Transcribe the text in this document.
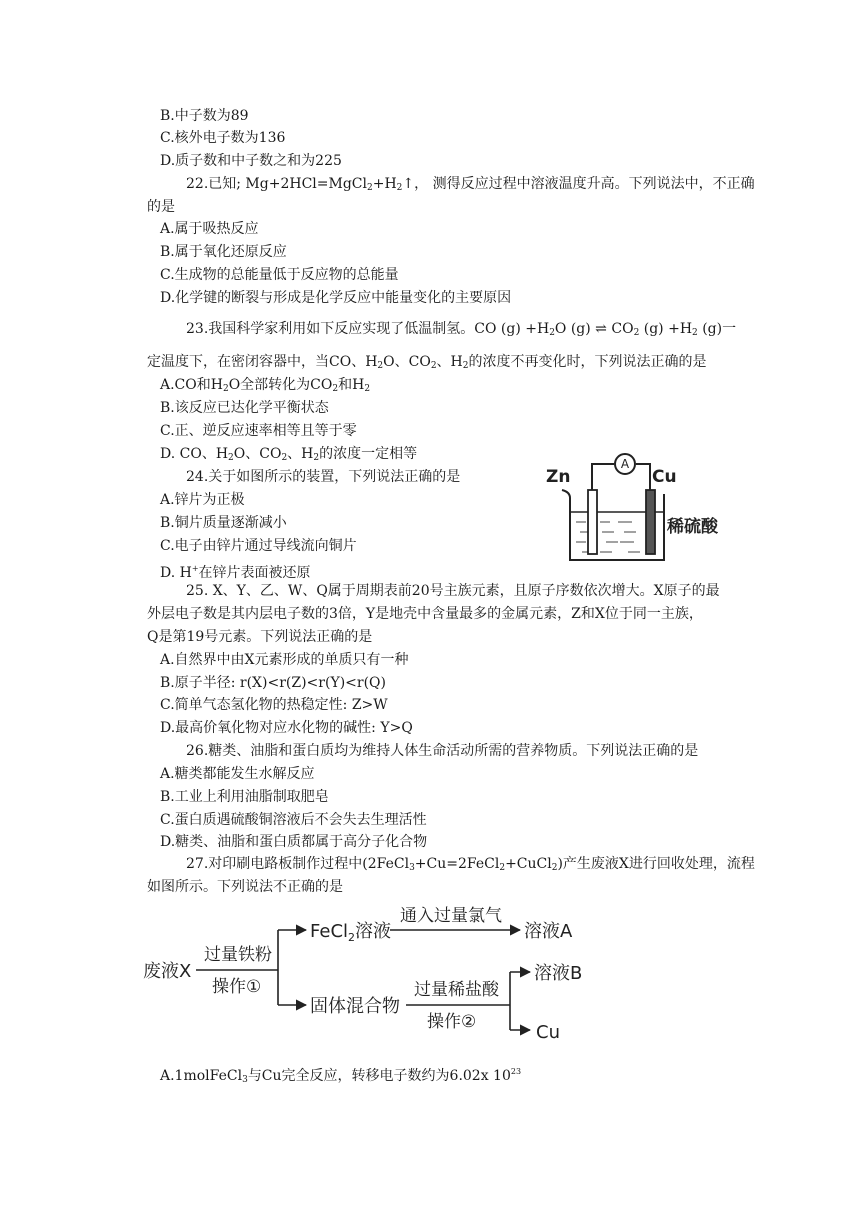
B.中子数为89
C.核外电子数为136
D.质子数和中子数之和为225
22.已知; $Mg+2HCl=MgCl_2+H_2↑$， 测得反应过程中溶液温度升高。下列说法中，不正确
的是
A.属于吸热反应
B.属于氧化还原反应
C.生成物的总能量低于反应物的总能量
D.化学键的断裂与形成是化学反应中能量变化的主要原因
23.我国科学家利用如下反应实现了低温制氢。CO $(g) +H_2O$ (g) ⇌ $CO_2$ $(g) +H_2$ (g)一
定温度下，在密闭容器中，当CO、$H_2O$、$CO_2$、$H_2$的浓度不再变化时，下列说法正确的是
A.CO和$H_2O$全部转化为$CO_2$和$H_2$
B.该反应已达化学平衡状态
C.正、逆反应速率相等且等于零
D. CO、$H_2O$、$CO_2$、$H_2$的浓度一定相等
24.关于如图所示的装置，下列说法正确的是
A.锌片为正极
B.铜片质量逐渐减小
C.电子由锌片通过导线流向铜片
D. H+在锌片表面被还原
25. X、Y、乙、W、Q属于周期表前20号主族元素，且原子序数依次增大。X原子的最
外层电子数是其内层电子数的3倍，Y是地壳中含量最多的金属元素，Z和X位于同一主族，
Q是第19号元素。下列说法正确的是
A.自然界中由X元素形成的单质只有一种
B.原子半径: r(X)<r(Z)<r(Y)<r(Q)
C.简单气态氢化物的热稳定性: Z>W
D.最高价氧化物对应水化物的碱性: Y>Q
26.糖类、油脂和蛋白质均为维持人体生命活动所需的营养物质。下列说法正确的是
A.糖类都能发生水解反应
B.工业上利用油脂制取肥皂
C.蛋白质遇硫酸铜溶液后不会失去生理活性
D.糖类、油脂和蛋白质都属于高分子化合物
27.对印刷电路板制作过程中(2FeCl$_3$+Cu=2FeCl$_2$+CuCl$_2$)产生废液X进行回收处理，流程
如图所示。下列说法不正确的是
A.1molFeCl$_3$与Cu完全反应，转移电子数约为6.02x $10^{23}$
A
Zn	Cu
稀硫酸
废液X
过量铁粉
操作①
FeCl$_2$溶液
通入过量氯气
溶液A
固体混合物
过量稀盐酸
操作②
溶液B
Cu
